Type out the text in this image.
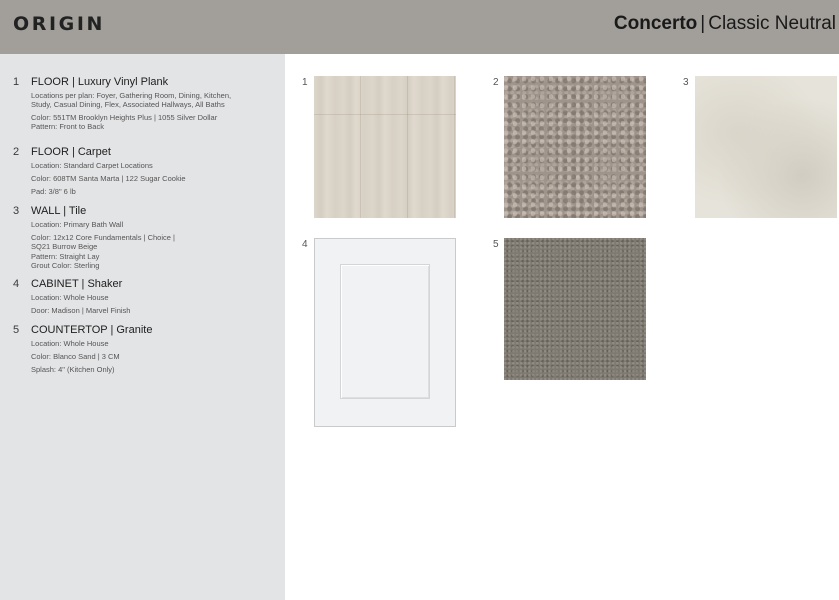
ORIGIN	Concerto | Classic Neutral
1 FLOOR | Luxury Vinyl Plank
Locations per plan: Foyer, Gathering Room, Dining, Kitchen,
Study, Casual Dining, Flex, Associated Hallways, All Baths
Color: 551TM Brooklyn Heights Plus | 1055 Silver Dollar
Pattern: Front to Back
2 FLOOR | Carpet
Location: Standard Carpet Locations
Color: 608TM Santa Marta | 122 Sugar Cookie
Pad: 3/8" 6 lb
3 WALL | Tile
Location: Primary Bath Wall
Color: 12x12 Core Fundamentals | Choice |
SQ21 Burrow Beige
Pattern: Straight Lay
Grout Color: Sterling
4 CABINET | Shaker
Location: Whole House
Door: Madison | Marvel Finish
5 COUNTERTOP | Granite
Location: Whole House
Color: Blanco Sand | 3 CM
Splash: 4" (Kitchen Only)
1	2	3
4	5
